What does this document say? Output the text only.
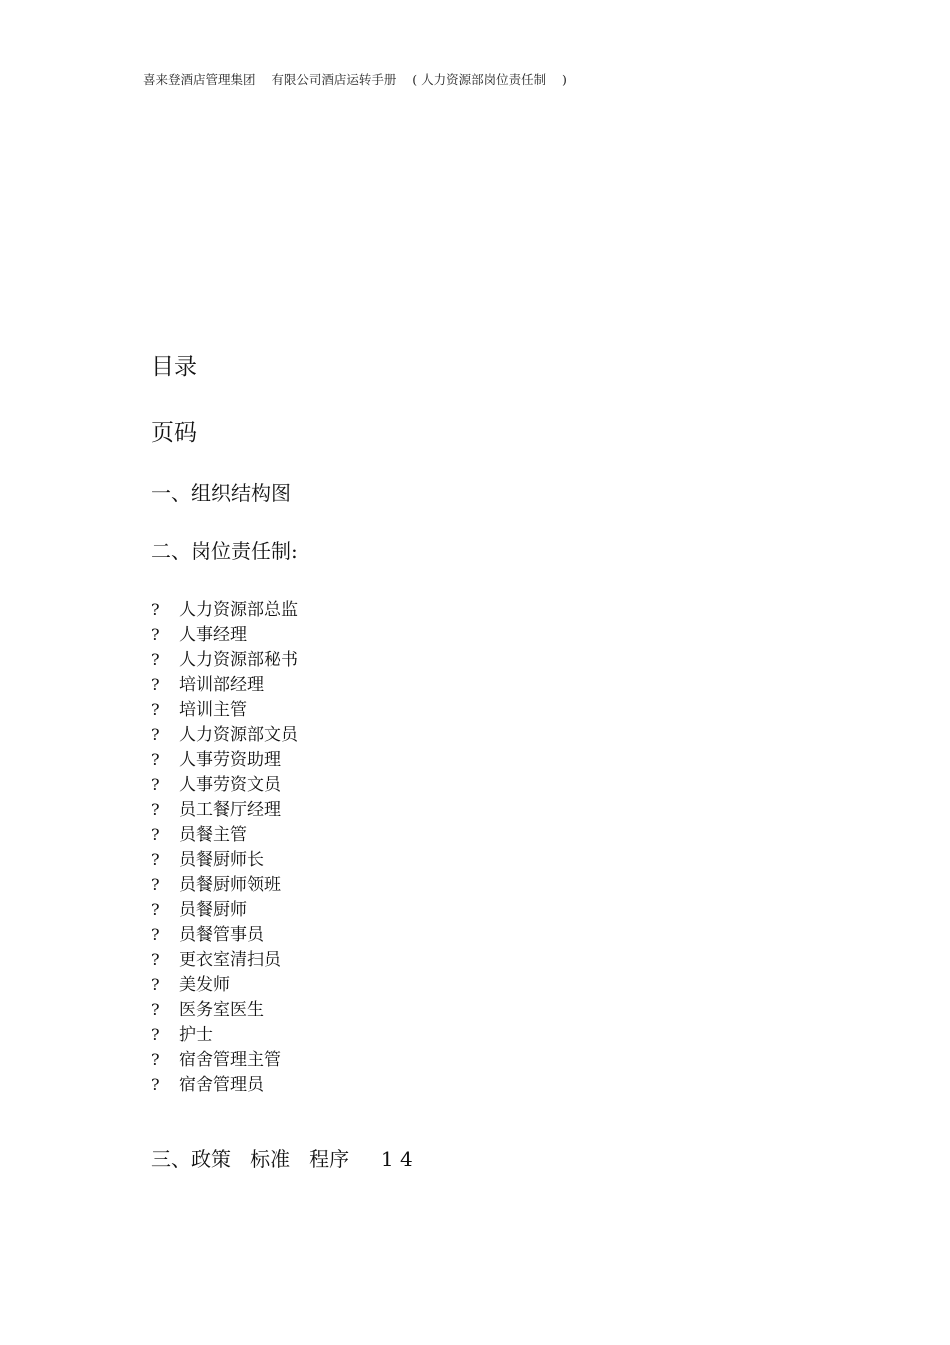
喜来登酒店管理集团    有限公司酒店运转手册    ( 人力资源部岗位责任制    )
目录
页码
一、组织结构图
二、岗位责任制:
? 人力资源部总监
? 人事经理
? 人力资源部秘书
? 培训部经理
? 培训主管
? 人力资源部文员
? 人事劳资助理
? 人事劳资文员
? 员工餐厅经理
? 员餐主管
? 员餐厨师长
? 员餐厨师领班
? 员餐厨师
? 员餐管事员
? 更衣室清扫员
? 美发师
? 医务室医生
? 护士
? 宿舍管理主管
? 宿舍管理员
三、政策   标准   程序     1 4
